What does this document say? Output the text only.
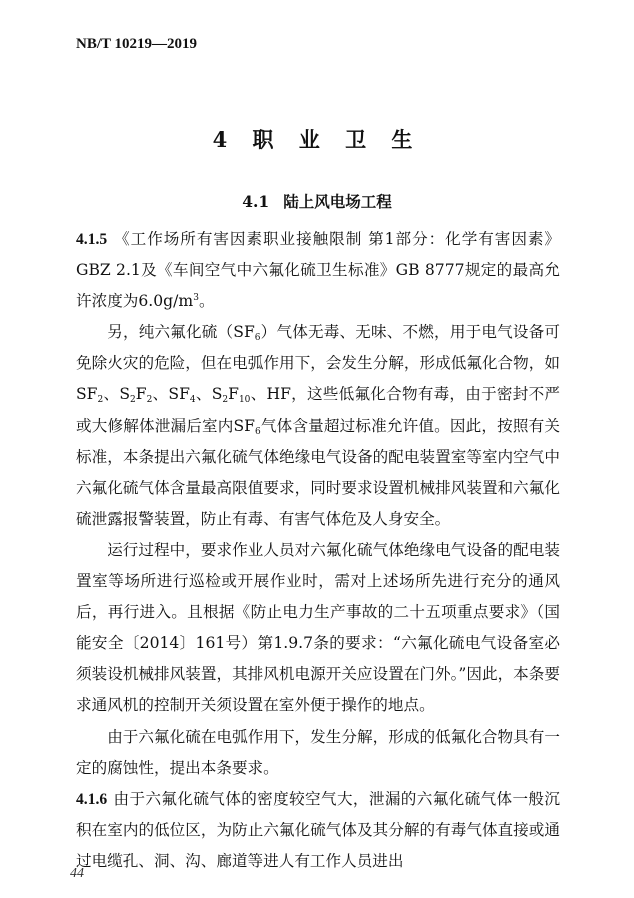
NB/T 10219—2019
4 职 业 卫 生
4.1 陆上风电场工程

4.1.5 《工作场所有害因素职业接触限制 第1部分：化学有害因素》GBZ 2.1及《车间空气中六氟化硫卫生标准》GB 8777规定的最高允许浓度为$6.0g/m^3$。

另，纯六氟化硫$(SF_6)$气体无毒、无味、不燃，用于电气设备可免除火灾的危险，但在电弧作用下，会发生分解，形成低氟化合物，如$SF_2$、$S_2F_2$、$SF_4$、$S_2F_{10}$、HF，这些低氟化合物有毒，由于密封不严或大修解体泄漏后室内$SF_6$气体含量超过标准允许值。因此，按照有关标准，本条提出六氟化硫气体绝缘电气设备的配电装置室等室内空气中六氟化硫气体含量最高限值要求，同时要求设置机械排风装置和六氟化硫泄露报警装置，防止有毒、有害气体危及人身安全。

运行过程中，要求作业人员对六氟化硫气体绝缘电气设备的配电装置室等场所进行巡检或开展作业时，需对上述场所先进行充分的通风后，再行进入。且根据《防止电力生产事故的二十五项重点要求》（国能安全〔2014〕161号）第1.9.7条的要求：“六氟化硫电气设备室必须装设机械排风装置，其排风机电源开关应设置在门外。”因此，本条要求通风机的控制开关须设置在室外便于操作的地点。

由于六氟化硫在电弧作用下，发生分解，形成的低氟化合物具有一定的腐蚀性，提出本条要求。

4.1.6 由于六氟化硫气体的密度较空气大，泄漏的六氟化硫气体一般沉积在室内的低位区，为防止六氟化硫气体及其分解的有毒气体直接或通过电缆孔、洞、沟、廊道等进人有工作人员进出

44
